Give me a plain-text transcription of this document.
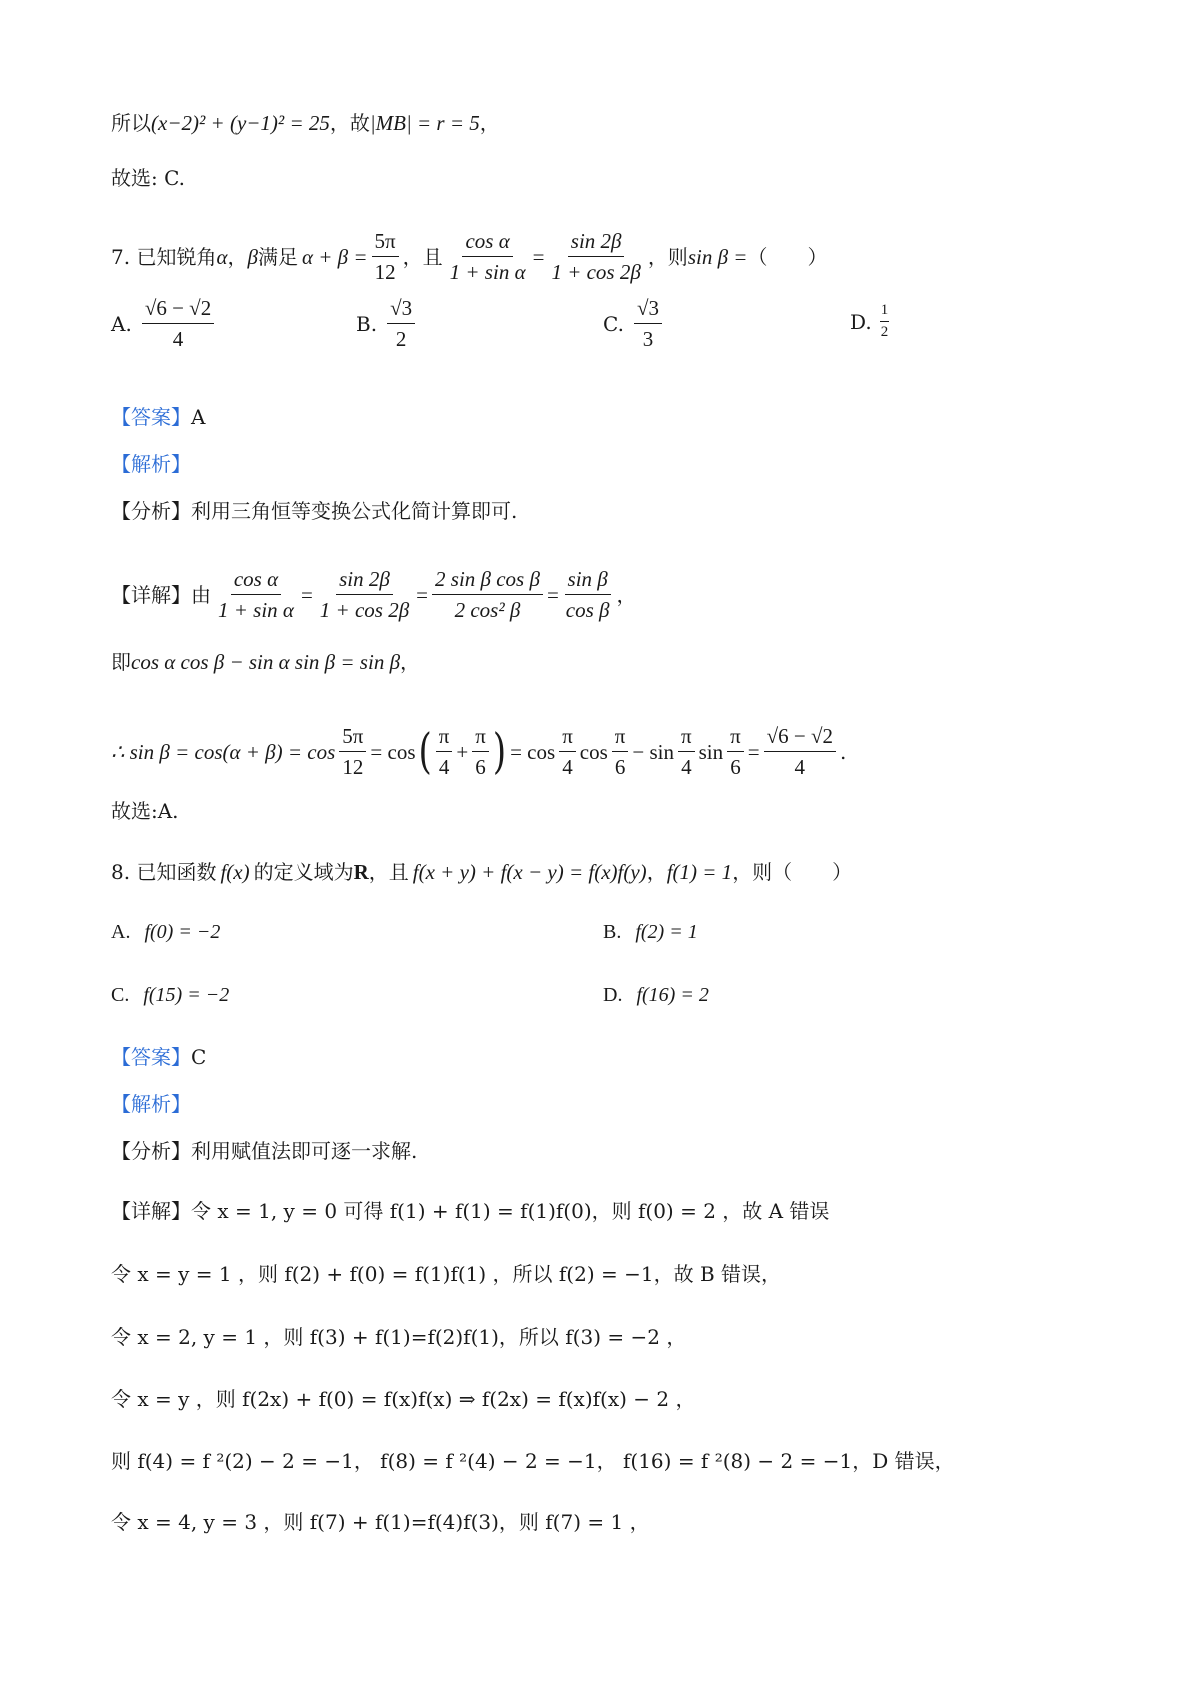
所以 (x−2)² + (y−1)² = 25 ，故 |MB| = r = 5 ，
故选: C.
7. 已知锐角 α ， β 满足 $\alpha + \beta = \frac{5\pi}{12}$ ，且 $\frac{\text{cos α}}{\text{1 + sin α}} = \frac{\sin 2\beta}{1 + \cos 2\beta}$ ，则 sin β = （　　）
A. $\frac{√6 - √2}{4}$	B. $\frac{√3}{2}$	C. $\frac{√3}{3}$	D. $\frac{1}{2}$
【答案】 A
【解析】
【分析】 利用三角恒等变换公式化简计算即可.
【详解】 由 $\frac{\text{cos α}}{\text{1 + sin α}} = \frac{\sin 2\beta}{1 + \cos 2\beta} = \frac{\text{2 sin β cos β}}{\text{2 cos² β}} = \frac{\text{sin β}}{\text{cos β}}$ ，
即 cos α cos β − sin α sin β = sin β ，
∴ $\sin \beta = \cos(\alpha + \beta) = \cos \frac{5\pi}{12} = \cos$ ( $\frac{\pi}{4} + \frac{\pi}{6}$ ) = $\cos \frac{\pi}{4}$ $\cos \frac{\pi}{6} - \sin \frac{\pi}{4}$ $\sin \frac{\pi}{6} = \frac{√6 - √2}{4}$ .
故选:A.
8. 已知函数 f(x) 的定义域为 R ，且 f(x + y) + f(x − y) = f(x)f(y) ， f(1) = 1 ，则（　　）
A. f(0) = −2	B. f(2) = 1
C. f(15) = −2	D. f(16) = 2
【答案】 C
【解析】
【分析】 利用赋值法即可逐一求解.
【详解】 令 x = 1, y = 0 可得 f(1) + f(1) = f(1)f(0)，则 f(0) = 2 ，故 A 错误
令 x = y = 1 ，则 f(2) + f(0) = f(1)f(1) ，所以 f(2) = −1，故 B 错误，
令 x = 2, y = 1 ，则 f(3) + f(1)=f(2)f(1)，所以 f(3) = −2 ，
令 x = y ，则 f(2x) + f(0) = f(x)f(x) ⇒ f(2x) = f(x)f(x) − 2 ，
则 f(4) = f ²(2) − 2 = −1， f(8) = f ²(4) − 2 = −1， f(16) = f ²(8) − 2 = −1，D 错误，
令 x = 4, y = 3 ，则 f(7) + f(1)=f(4)f(3)，则 f(7) = 1 ，
